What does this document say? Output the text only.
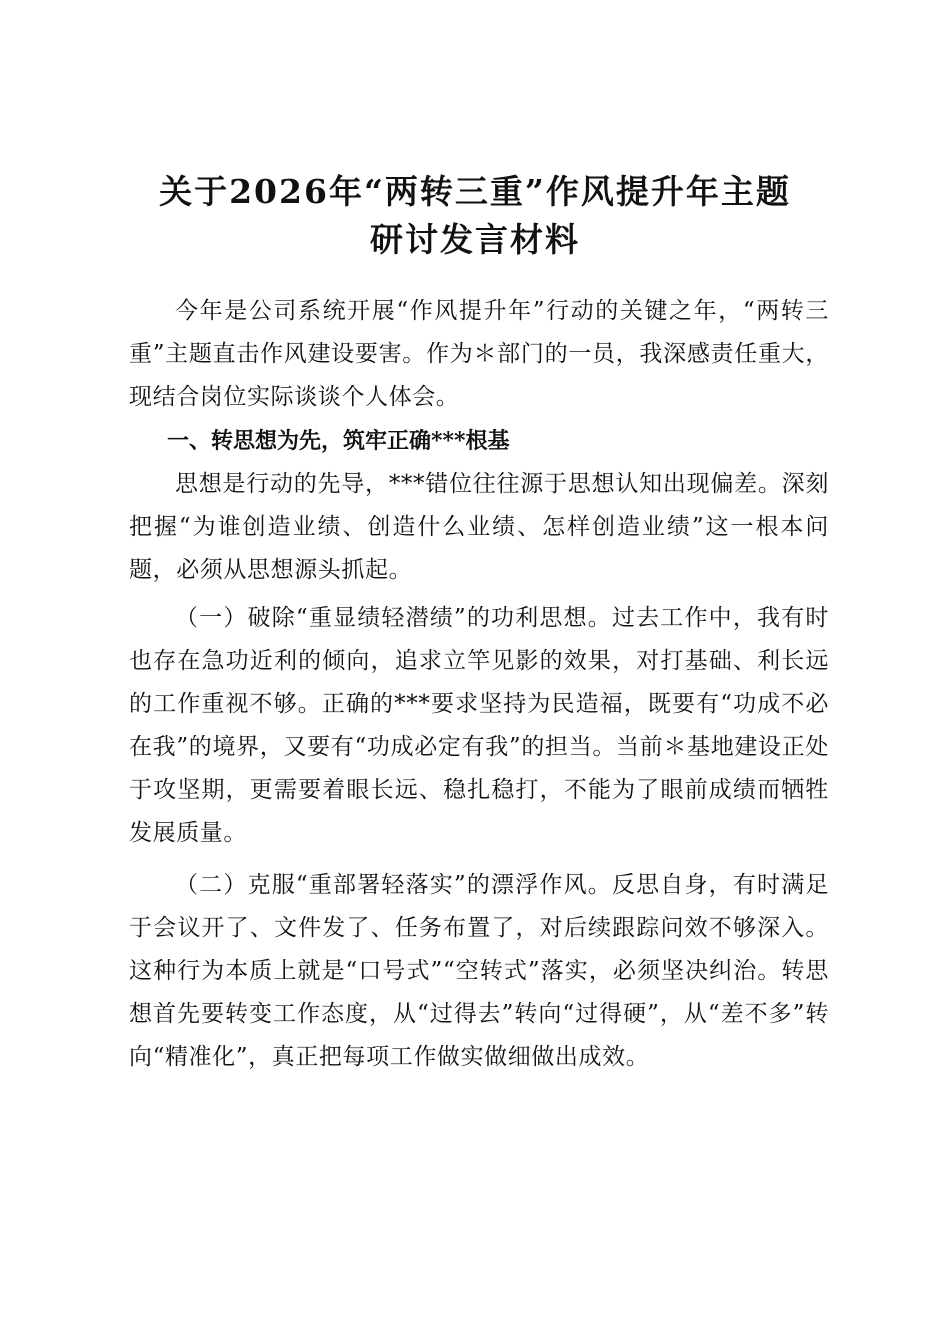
关于2026年“两转三重”作风提升年主题
研讨发言材料

今年是公司系统开展“作风提升年”行动的关键之年，“两转三重”主题直击作风建设要害。作为＊部门的一员，我深感责任重大，现结合岗位实际谈谈个人体会。

一、转思想为先，筑牢正确***根基

思想是行动的先导，***错位往往源于思想认知出现偏差。深刻把握“为谁创造业绩、创造什么业绩、怎样创造业绩”这一根本问题，必须从思想源头抓起。

（一）破除“重显绩轻潜绩”的功利思想。过去工作中，我有时也存在急功近利的倾向，追求立竿见影的效果，对打基础、利长远的工作重视不够。正确的***要求坚持为民造福，既要有“功成不必在我”的境界，又要有“功成必定有我”的担当。当前＊基地建设正处于攻坚期，更需要着眼长远、稳扎稳打，不能为了眼前成绩而牺牲发展质量。

（二）克服“重部署轻落实”的漂浮作风。反思自身，有时满足于会议开了、文件发了、任务布置了，对后续跟踪问效不够深入。这种行为本质上就是“口号式”“空转式”落实，必须坚决纠治。转思想首先要转变工作态度，从“过得去”转向“过得硬”，从“差不多”转向“精准化”，真正把每项工作做实做细做出成效。
